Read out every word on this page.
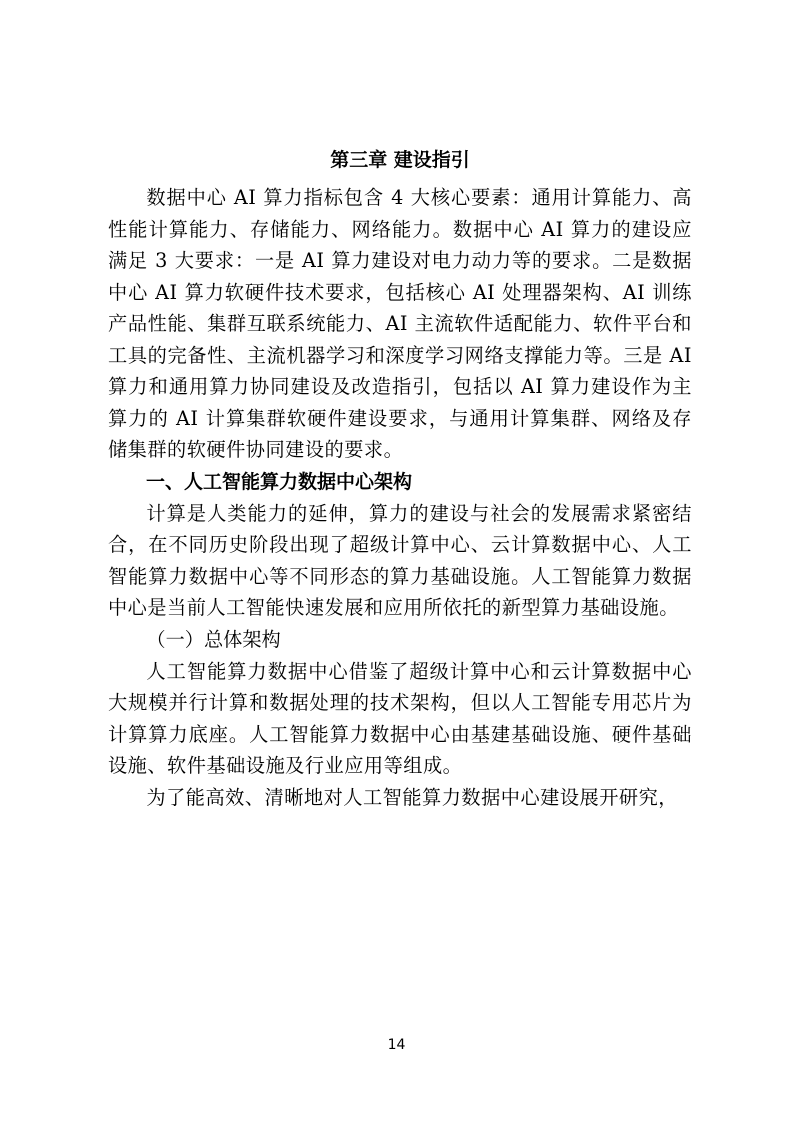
第三章 建设指引

数据中心 AI 算力指标包含 4 大核心要素：通用计算能力、高性能计算能力、存储能力、网络能力。数据中心 AI 算力的建设应满足 3 大要求：一是 AI 算力建设对电力动力等的要求。二是数据中心 AI 算力软硬件技术要求，包括核心 AI 处理器架构、AI 训练产品性能、集群互联系统能力、AI 主流软件适配能力、软件平台和工具的完备性、主流机器学习和深度学习网络支撑能力等。三是 AI 算力和通用算力协同建设及改造指引，包括以 AI 算力建设作为主算力的 AI 计算集群软硬件建设要求，与通用计算集群、网络及存储集群的软硬件协同建设的要求。

一、人工智能算力数据中心架构

计算是人类能力的延伸，算力的建设与社会的发展需求紧密结合，在不同历史阶段出现了超级计算中心、云计算数据中心、人工智能算力数据中心等不同形态的算力基础设施。人工智能算力数据中心是当前人工智能快速发展和应用所依托的新型算力基础设施。

（一）总体架构

人工智能算力数据中心借鉴了超级计算中心和云计算数据中心大规模并行计算和数据处理的技术架构，但以人工智能专用芯片为计算算力底座。人工智能算力数据中心由基建基础设施、硬件基础设施、软件基础设施及行业应用等组成。

为了能高效、清晰地对人工智能算力数据中心建设展开研究，

14
